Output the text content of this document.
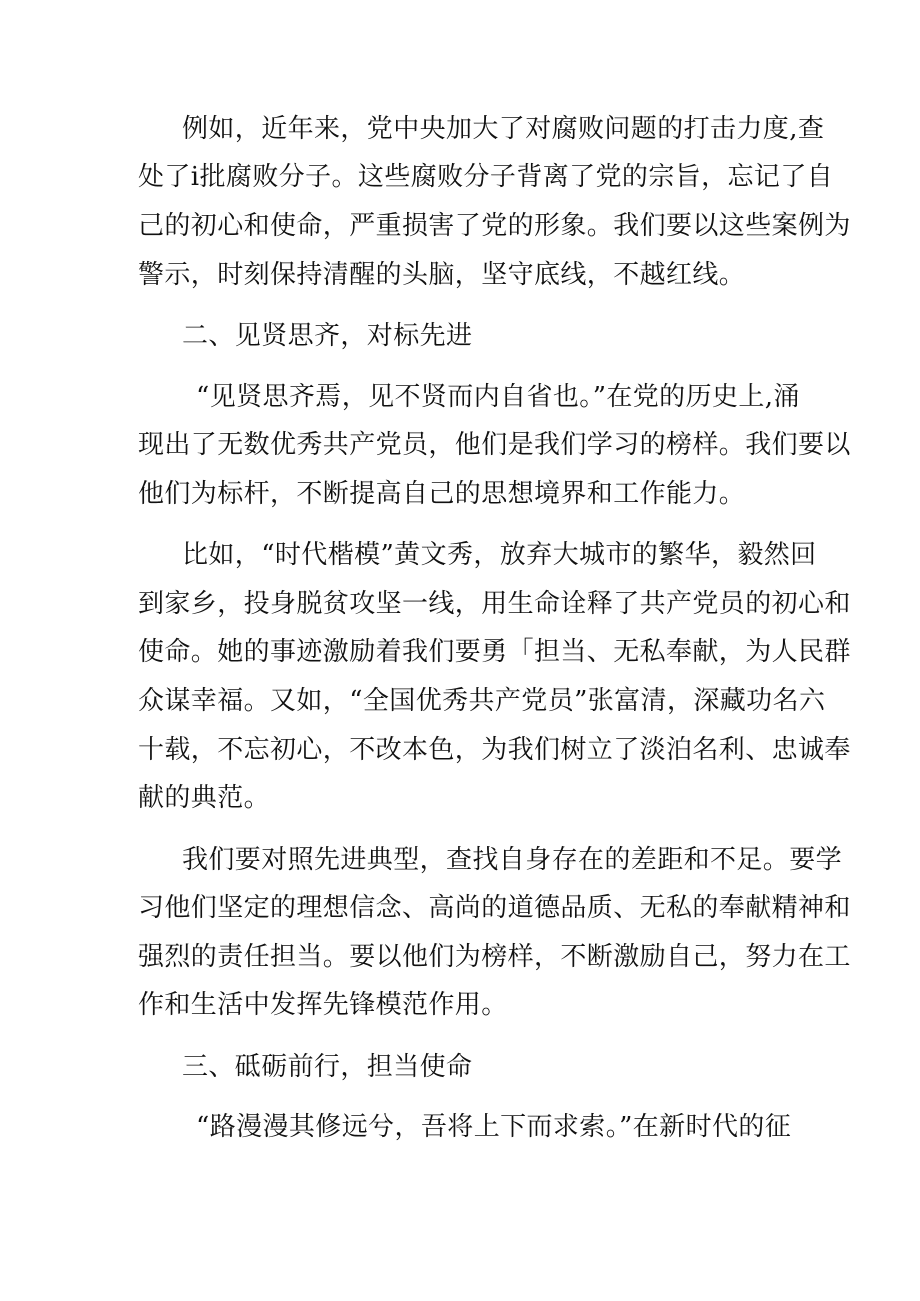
例如，近年来，党中央加大了对腐败问题的打击力度,查
处了i批腐败分子。这些腐败分子背离了党的宗旨，忘记了自
己的初心和使命，严重损害了党的形象。我们要以这些案例为
警示，时刻保持清醒的头脑，坚守底线，不越红线。
二、见贤思齐，对标先进
“见贤思齐焉，见不贤而内自省也。”在党的历史上,涌
现出了无数优秀共产党员，他们是我们学习的榜样。我们要以
他们为标杆，不断提高自己的思想境界和工作能力。
比如，“时代楷模”黄文秀，放弃大城市的繁华，毅然回
到家乡，投身脱贫攻坚一线，用生命诠释了共产党员的初心和
使命。她的事迹激励着我们要勇「担当、无私奉献，为人民群
众谋幸福。又如，“全国优秀共产党员”张富清，深藏功名六
十载，不忘初心，不改本色，为我们树立了淡泊名利、忠诚奉
献的典范。
我们要对照先进典型，查找自身存在的差距和不足。要学
习他们坚定的理想信念、高尚的道德品质、无私的奉献精神和
强烈的责任担当。要以他们为榜样，不断激励自己，努力在工
作和生活中发挥先锋模范作用。
三、砥砺前行，担当使命
“路漫漫其修远兮，吾将上下而求索。”在新时代的征
